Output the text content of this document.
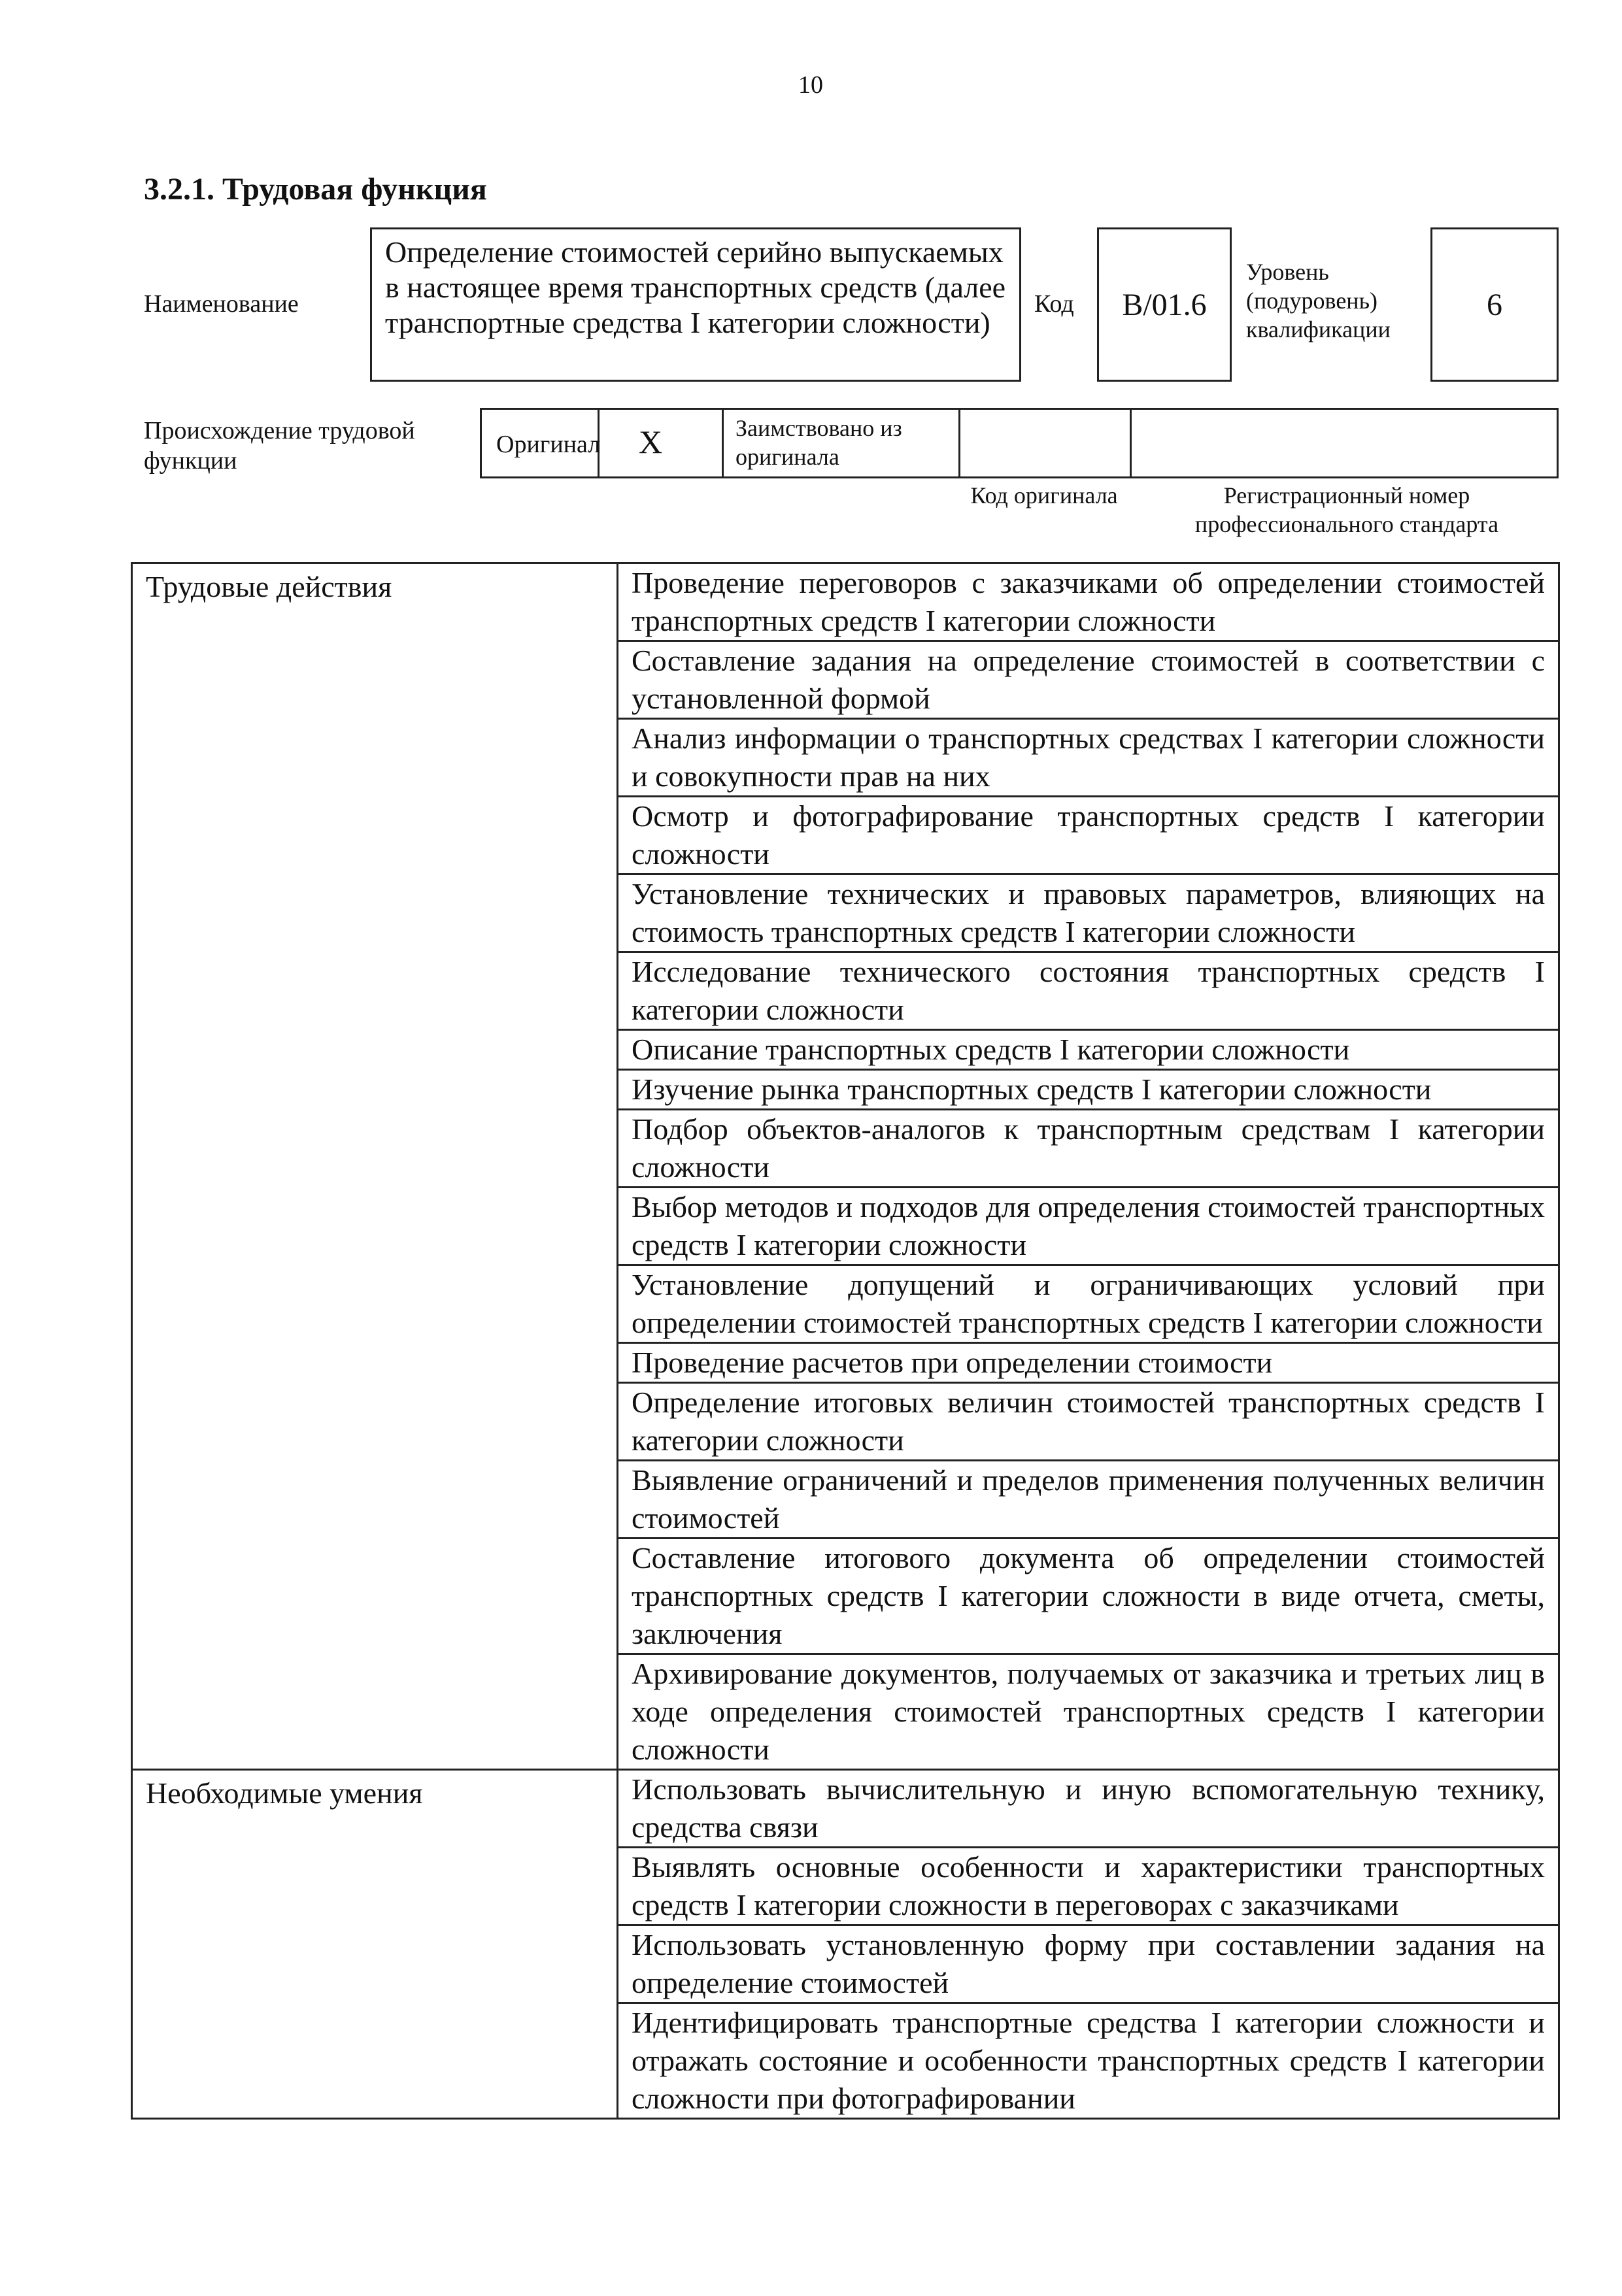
10
3.2.1. Трудовая функция
Наименование
Определение стоимостей серийно выпускаемых в настоящее время транспортных средств (далее транспортные средства I категории сложности)
Код	B/01.6
Уровень (подуровень) квалификации
6
Происхождение трудовой функции
Оригинал X	Заимствовано из оригинала
Код оригинала	Регистрационный номер профессионального стандарта
Трудовые действия	Проведение переговоров с заказчиками об определении стоимостей транспортных средств I категории сложности
	Составление задания на определение стоимостей в соответствии с установленной формой
	Анализ информации о транспортных средствах I категории сложности и совокупности прав на них
	Осмотр и фотографирование транспортных средств I категории сложности
	Установление технических и правовых параметров, влияющих на стоимость транспортных средств I категории сложности
	Исследование технического состояния транспортных средств I категории сложности
	Описание транспортных средств I категории сложности
	Изучение рынка транспортных средств I категории сложности
	Подбор объектов-аналогов к транспортным средствам I категории сложности
	Выбор методов и подходов для определения стоимостей транспортных средств I категории сложности
	Установление допущений и ограничивающих условий при определении стоимостей транспортных средств I категории сложности
	Проведение расчетов при определении стоимости
	Определение итоговых величин стоимостей транспортных средств I категории сложности
	Выявление ограничений и пределов применения полученных величин стоимостей
	Составление итогового документа об определении стоимостей транспортных средств I категории сложности в виде отчета, сметы, заключения
	Архивирование документов, получаемых от заказчика и третьих лиц в ходе определения стоимостей транспортных средств I категории сложности
Необходимые умения	Использовать вычислительную и иную вспомогательную технику, средства связи
	Выявлять основные особенности и характеристики транспортных средств I категории сложности в переговорах с заказчиками
	Использовать установленную форму при составлении задания на определение стоимостей
	Идентифицировать транспортные средства I категории сложности и отражать состояние и особенности транспортных средств I категории сложности при фотографировании
